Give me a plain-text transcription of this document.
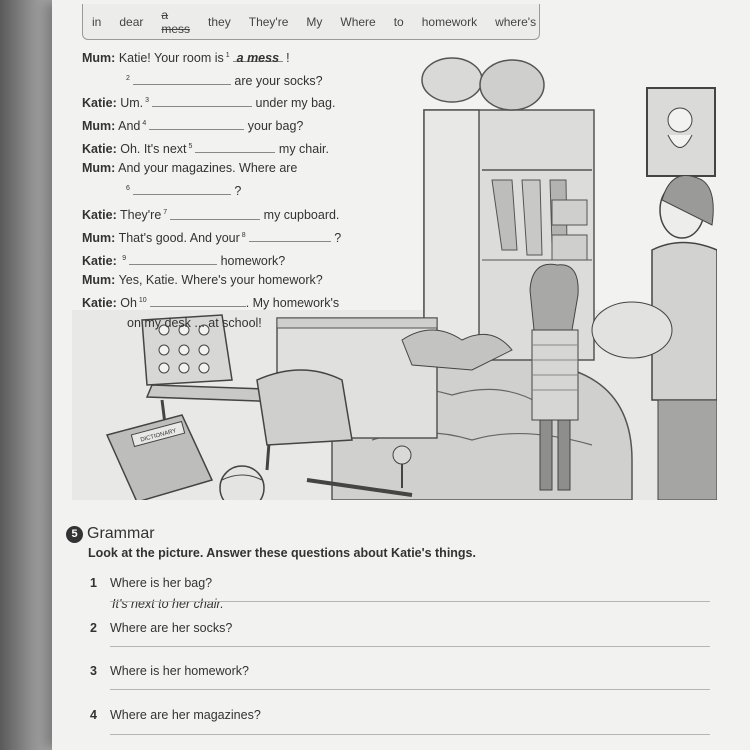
DICTIONARY
in	dear	a mess	they	They're	My	Where	to	homework	where's
Mum: Katie! Your room is $^1$ a mess !
$^2$	are your socks?
Katie: Um. $^3$	under my bag.
Mum: And $^4$	your bag?
Katie: Oh. It's next $^5$	my chair.
Mum: And your magazines. Where are
$^6$	?
Katie: They're $^7$	my cupboard.
Mum: That's good. And your $^8$	?
Katie: $^9$	homework?
Mum: Yes, Katie. Where's your homework?
Katie: Oh $^{10}$	. My homework's
on my desk ... at school!
5 Grammar
Look at the picture. Answer these questions about Katie's things.
1 Where is her bag?
It's next to her chair.
2 Where are her socks?
3 Where is her homework?
4 Where are her magazines?
